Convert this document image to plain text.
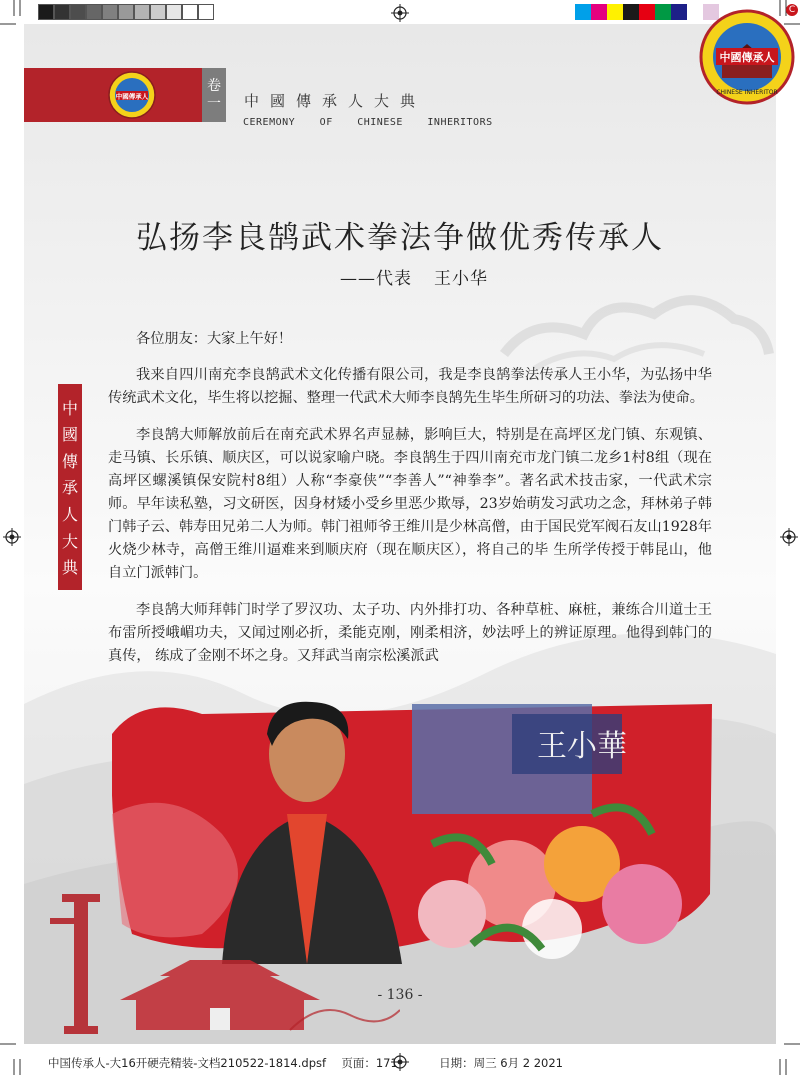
中國傳承人
CHINESE INHERITOR
C
中國傳承人
卷
一 中國傳承人大典
CEREMONY OF CHINESE INHERITORS
中
國
傳
承
人
大
典
弘扬李良鹄武术拳法争做优秀传承人
——代表 王小华

各位朋友：大家上午好！

我来自四川南充李良鹄武术文化传播有限公司，我是李良鹄拳法传承人王小华，为弘扬中华传统武术文化，毕生将以挖掘、整理一代武术大师李良鹄先生毕生所研习的功法、拳法为使命。

李良鹄大师解放前后在南充武术界名声显赫，影响巨大，特别是在高坪区龙门镇、东观镇、走马镇、长乐镇、顺庆区，可以说家喻户晓。李良鹄生于四川南充市龙门镇二龙乡1村8组（现在高坪区螺溪镇保安院村8组）人称“李豪侠”“李善人”“神拳李”。著名武术技击家，一代武术宗师。早年读私塾，习文研医，因身材矮小受乡里恶少欺辱，23岁始萌发习武功之念，拜林弟子韩门韩子云、韩寿田兄弟二人为师。韩门祖师爷王维川是少林高僧，由于国民党军阀石友山1928年火烧少林寺，高僧王维川逼难来到顺庆府（现在顺庆区），将自己的毕 生所学传授于韩昆山，他自立门派韩门。

李良鹄大师拜韩门时学了罗汉功、太子功、内外排打功、各种草桩、麻桩，兼练合川道士王布雷所授峨嵋功夫，又闻过刚必折，柔能克刚，刚柔相济，妙法呼上的辨证原理。他得到韩门的真传， 练成了金刚不坏之身。又拜武当南宗松溪派武

王小華
- 136 -
中国传承人-大16开硬壳精装-文档210522-1814.dpsf 页面：171	日期：周三 6月 2 2021
